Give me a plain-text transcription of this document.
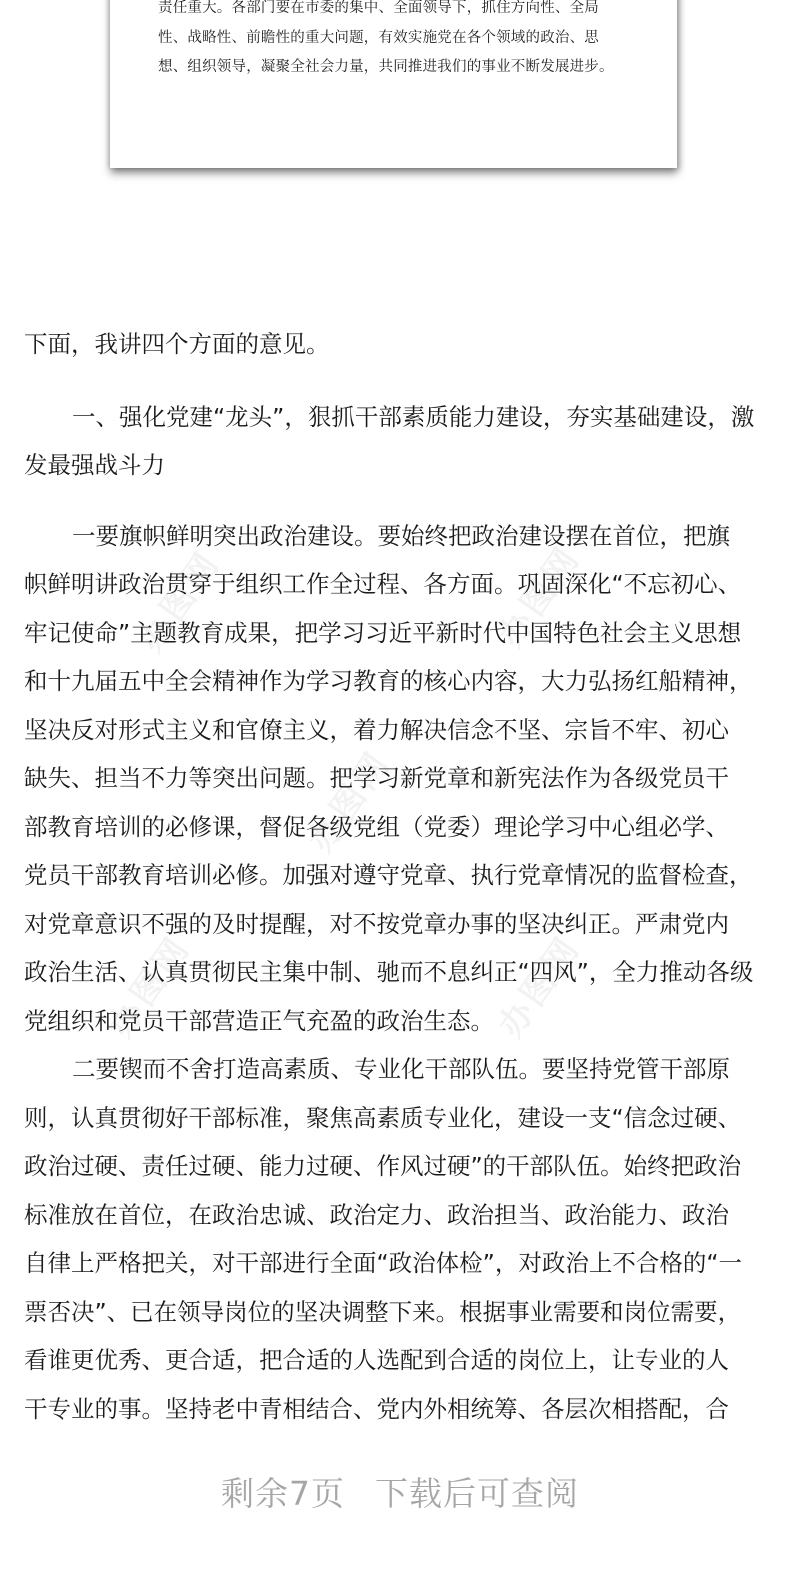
责任重大。各部门要在市委的集中、全面领导下，抓住方向性、全局
性、战略性、前瞻性的重大问题，有效实施党在各个领域的政治、思
想、组织领导，凝聚全社会力量，共同推进我们的事业不断发展进步。
办图网	办图网
办图网
办图网	办图网
下面，我讲四个方面的意见。
一、强化党建“龙头”，狠抓干部素质能力建设，夯实基础建设，激
发最强战斗力
一要旗帜鲜明突出政治建设。要始终把政治建设摆在首位，把旗
帜鲜明讲政治贯穿于组织工作全过程、各方面。巩固深化“不忘初心、
牢记使命”主题教育成果，把学习习近平新时代中国特色社会主义思想
和十九届五中全会精神作为学习教育的核心内容，大力弘扬红船精神，
坚决反对形式主义和官僚主义，着力解决信念不坚、宗旨不牢、初心
缺失、担当不力等突出问题。把学习新党章和新宪法作为各级党员干
部教育培训的必修课，督促各级党组（党委）理论学习中心组必学、
党员干部教育培训必修。加强对遵守党章、执行党章情况的监督检查，
对党章意识不强的及时提醒，对不按党章办事的坚决纠正。严肃党内
政治生活、认真贯彻民主集中制、驰而不息纠正“四风”，全力推动各级
党组织和党员干部营造正气充盈的政治生态。
二要锲而不舍打造高素质、专业化干部队伍。要坚持党管干部原
则，认真贯彻好干部标准，聚焦高素质专业化，建设一支“信念过硬、
政治过硬、责任过硬、能力过硬、作风过硬”的干部队伍。始终把政治
标准放在首位，在政治忠诚、政治定力、政治担当、政治能力、政治
自律上严格把关，对干部进行全面“政治体检”，对政治上不合格的“一
票否决”、已在领导岗位的坚决调整下来。根据事业需要和岗位需要，
看谁更优秀、更合适，把合适的人选配到合适的岗位上，让专业的人
干专业的事。坚持老中青相结合、党内外相统筹、各层次相搭配，合
剩余7页 下载后可查阅
